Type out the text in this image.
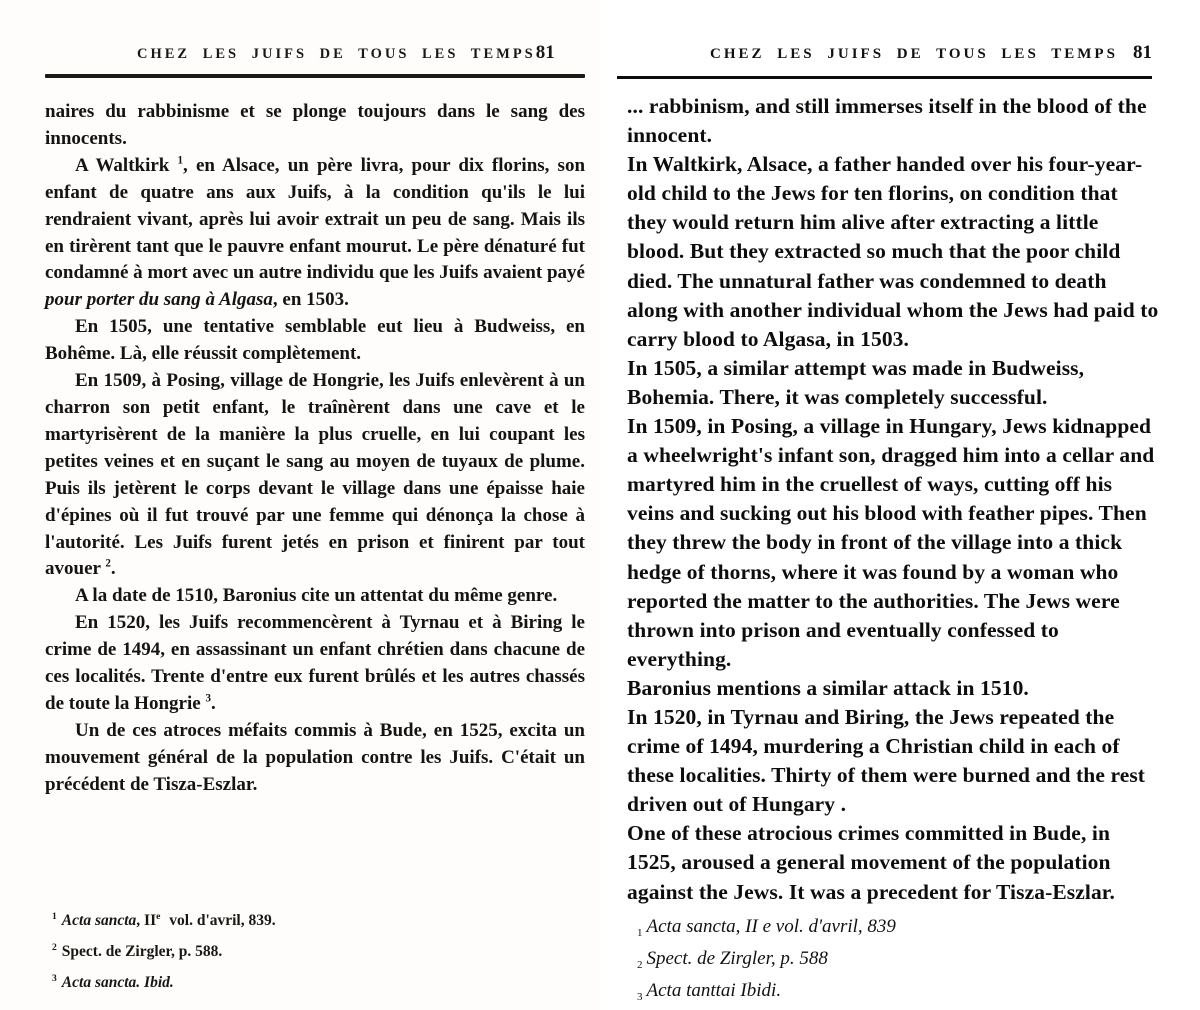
CHEZ LES JUIFS DE TOUS LES TEMPS 81

naires du rabbinisme et se plonge toujours dans le sang des innocents.

A Waltkirk $^1$, en Alsace, un père livra, pour dix florins, son enfant de quatre ans aux Juifs, à la condition qu'ils le lui rendraient vivant, après lui avoir extrait un peu de sang. Mais ils en tirèrent tant que le pauvre enfant mourut. Le père dénaturé fut condamné à mort avec un autre individu que les Juifs avaient payé pour porter du sang à Algasa, en 1503.

En 1505, une tentative semblable eut lieu à Budweiss, en Bohême. Là, elle réussit complètement.

En 1509, à Posing, village de Hongrie, les Juifs enlevèrent à un charron son petit enfant, le traînèrent dans une cave et le martyrisèrent de la manière la plus cruelle, en lui coupant les petites veines et en suçant le sang au moyen de tuyaux de plume. Puis ils jetèrent le corps devant le village dans une épaisse haie d'épines où il fut trouvé par une femme qui dénonça la chose à l'autorité. Les Juifs furent jetés en prison et finirent par tout avouer $^2$.

A la date de 1510, Baronius cite un attentat du même genre.

En 1520, les Juifs recommencèrent à Tyrnau et à Biring le crime de 1494, en assassinant un enfant chrétien dans chacune de ces localités. Trente d'entre eux furent brûlés et les autres chassés de toute la Hongrie $^3$.

Un de ces atroces méfaits commis à Bude, en 1525, excita un mouvement général de la population contre les Juifs. C'était un précédent de Tisza-Eszlar.

$^1$ Acta sancta, IIe vol. d'avril, 839.
$^2$ Spect. de Zirgler, p. 588.
$^3$ Acta sancta. Ibid.
CHEZ LES JUIFS DE TOUS LES TEMPS 81

... rabbinism, and still immerses itself in the blood of the innocent.

In Waltkirk, Alsace, a father handed over his four-year-old child to the Jews for ten florins, on condition that they would return him alive after extracting a little blood. But they extracted so much that the poor child died. The unnatural father was condemned to death along with another individual whom the Jews had paid to carry blood to Algasa, in 1503.

In 1505, a similar attempt was made in Budweiss, Bohemia. There, it was completely successful.

In 1509, in Posing, a village in Hungary, Jews kidnapped a wheelwright's infant son, dragged him into a cellar and martyred him in the cruellest of ways, cutting off his veins and sucking out his blood with feather pipes. Then they threw the body in front of the village into a thick hedge of thorns, where it was found by a woman who reported the matter to the authorities. The Jews were thrown into prison and eventually confessed to everything.

Baronius mentions a similar attack in 1510.

In 1520, in Tyrnau and Biring, the Jews repeated the crime of 1494, murdering a Christian child in each of these localities. Thirty of them were burned and the rest driven out of Hungary .

One of these atrocious crimes committed in Bude, in 1525, aroused a general movement of the population against the Jews. It was a precedent for Tisza-Eszlar.

$_1$ Acta sancta, II e vol. d'avril, 839
$_2$ Spect. de Zirgler, p. 588
$_3$ Acta tanttai Ibidi.
